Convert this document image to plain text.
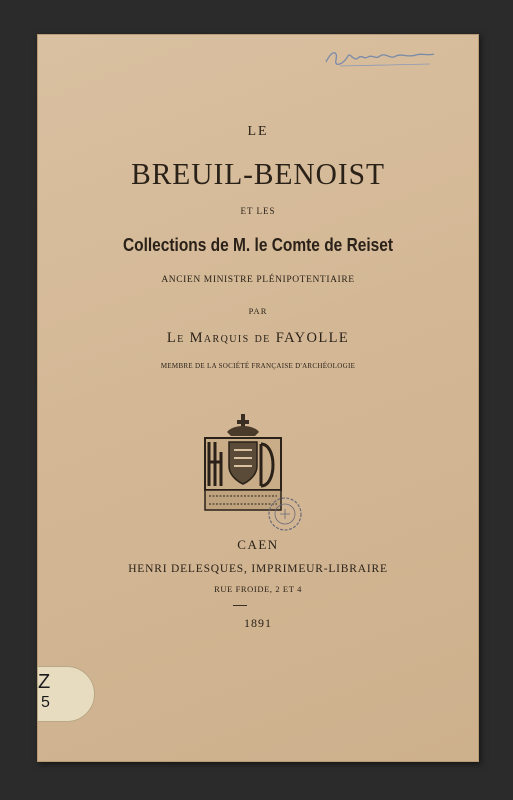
LE
BREUIL-BENOIST
ET LES
Collections de M. le Comte de Reiset
ANCIEN MINISTRE PLÉNIPOTENTIAIRE
PAR
Le Marquis de FAYOLLE
MEMBRE DE LA SOCIÉTÉ FRANÇAISE D'ARCHÉOLOGIE
CAEN
HENRI DELESQUES, IMPRIMEUR-LIBRAIRE
RUE FROIDE, 2 ET 4
1891
Z
5
